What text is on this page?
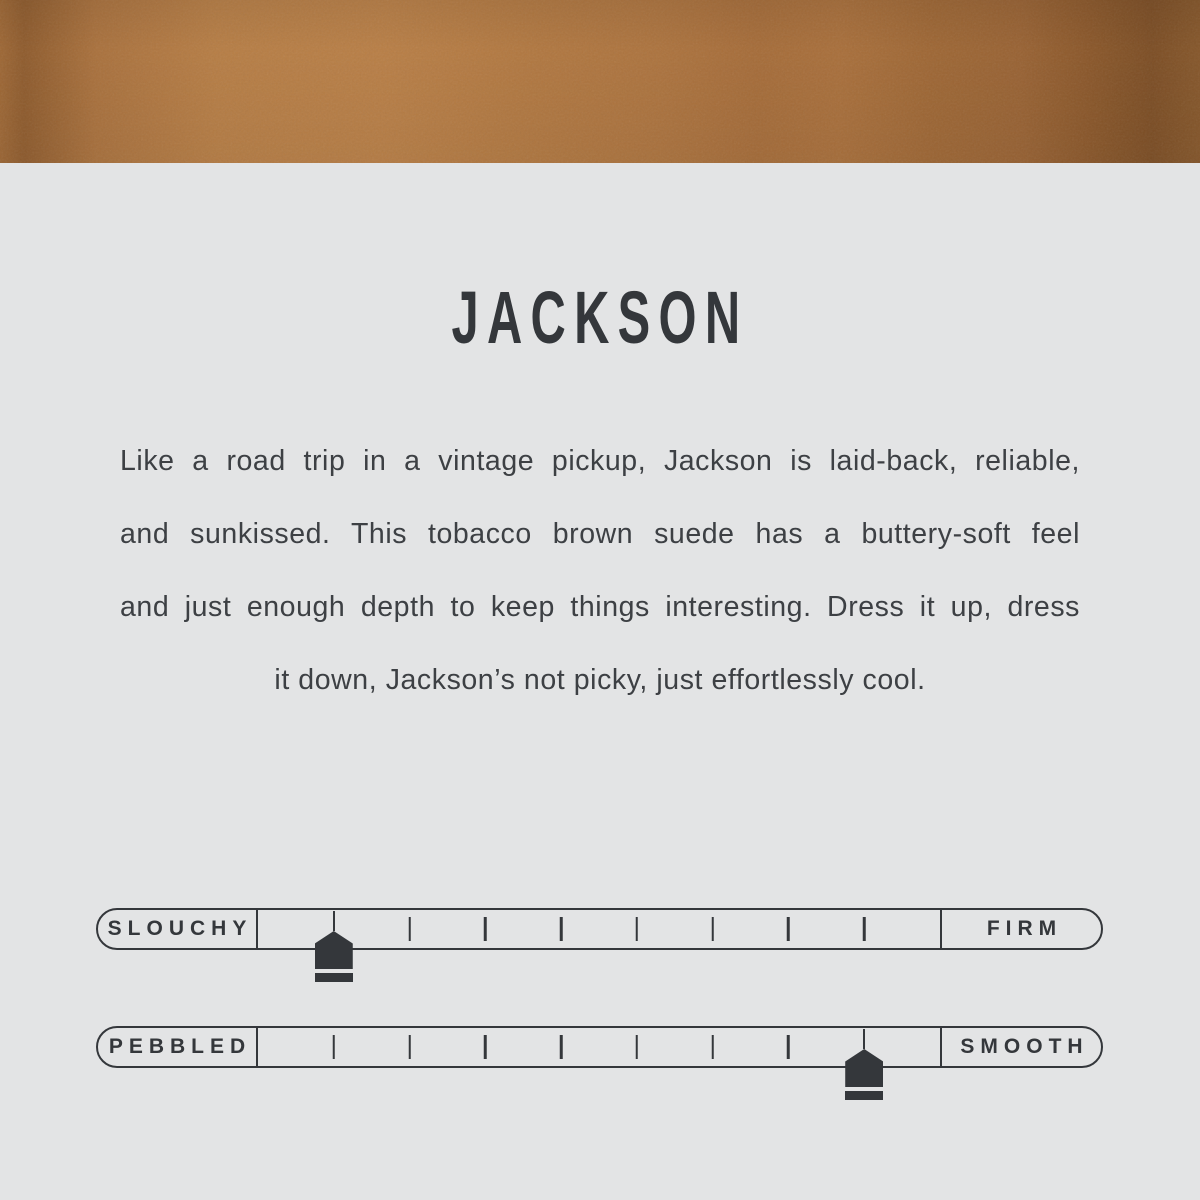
JACKSON
Like a road trip in a vintage pickup, Jackson is laid-back, reliable,
and sunkissed. This tobacco brown suede has a buttery-soft feel
and just enough depth to keep things interesting. Dress it up, dress
it down, Jackson’s not picky, just effortlessly cool.
SLOUCHY	FIRM
PEBBLED	SMOOTH
